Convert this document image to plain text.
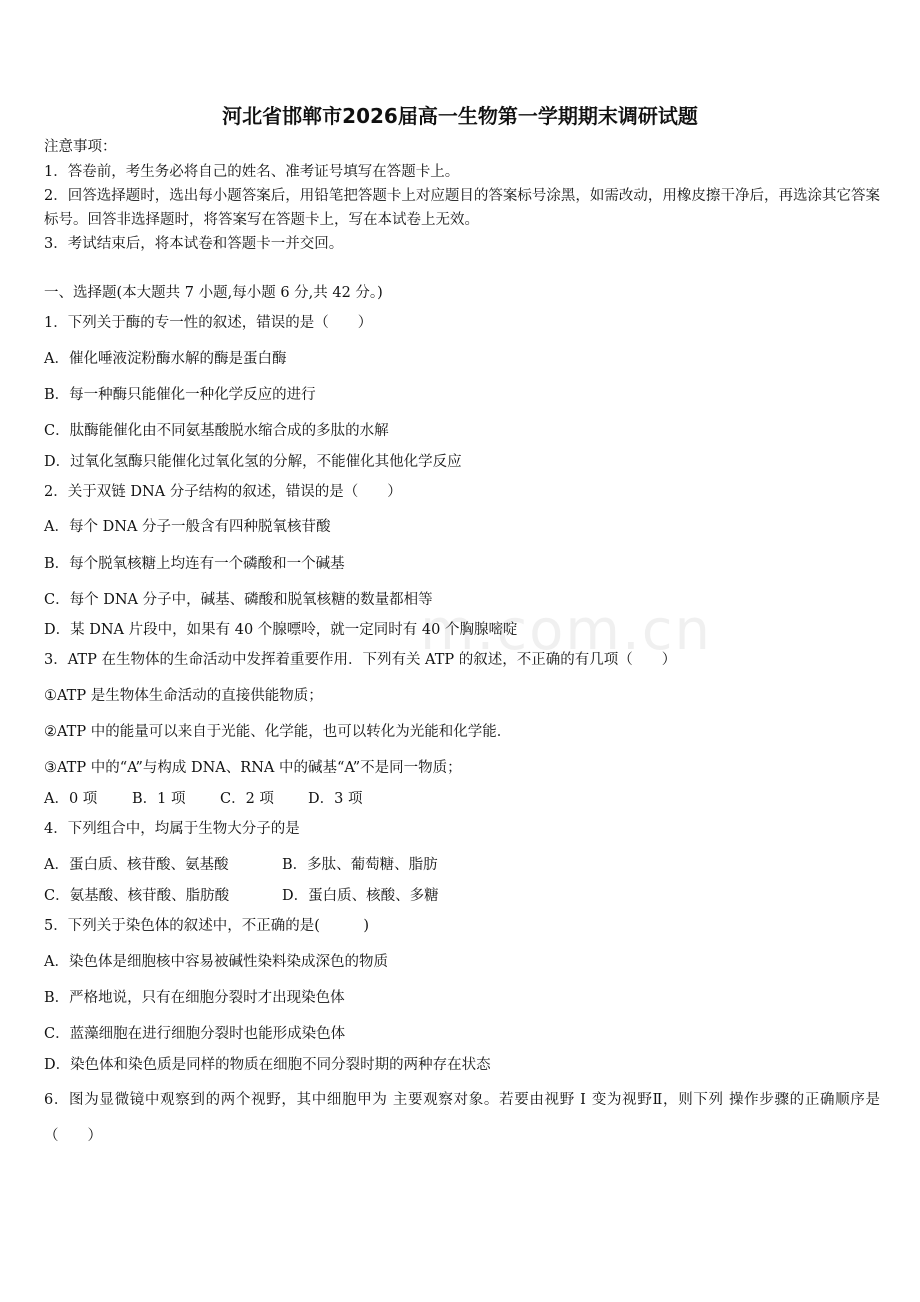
河北省邯郸市2026届高一生物第一学期期末调研试题
注意事项：
1．答卷前，考生务必将自己的姓名、准考证号填写在答题卡上。
2．回答选择题时，选出每小题答案后，用铅笔把答题卡上对应题目的答案标号涂黑，如需改动，用橡皮擦干净后，再选涂其它答案标号。回答非选择题时，将答案写在答题卡上，写在本试卷上无效。
3．考试结束后，将本试卷和答题卡一并交回。
一、选择题(本大题共 7 小题,每小题 6 分,共 42 分。)
1．下列关于酶的专一性的叙述，错误的是（　　）
A．催化唾液淀粉酶水解的酶是蛋白酶
B．每一种酶只能催化一种化学反应的进行
C．肽酶能催化由不同氨基酸脱水缩合成的多肽的水解
D．过氧化氢酶只能催化过氧化氢的分解，不能催化其他化学反应
2．关于双链 DNA 分子结构的叙述，错误的是（　　）
A．每个 DNA 分子一般含有四种脱氧核苷酸
B．每个脱氧核糖上均连有一个磷酸和一个碱基
C．每个 DNA 分子中，碱基、磷酸和脱氧核糖的数量都相等
D．某 DNA 片段中，如果有 40 个腺嘌呤，就一定同时有 40 个胸腺嘧啶
3．ATP 在生物体的生命活动中发挥着重要作用．下列有关 ATP 的叙述，不正确的有几项（　　）
①ATP 是生物体生命活动的直接供能物质；
②ATP 中的能量可以来自于光能、化学能，也可以转化为光能和化学能．
③ATP 中的“A”与构成 DNA、RNA 中的碱基“A”不是同一物质；
A．0 项 B．1 项 C．2 项 D．3 项
4．下列组合中，均属于生物大分子的是
A．蛋白质、核苷酸、氨基酸	B．多肽、葡萄糖、脂肪
C．氨基酸、核苷酸、脂肪酸	D．蛋白质、核酸、多糖
5．下列关于染色体的叙述中，不正确的是(　　　)
A．染色体是细胞核中容易被碱性染料染成深色的物质
B．严格地说，只有在细胞分裂时才出现染色体
C．蓝藻细胞在进行细胞分裂时也能形成染色体
D．染色体和染色质是同样的物质在细胞不同分裂时期的两种存在状态
6．图为显微镜中观察到的两个视野，其中细胞甲为 主要观察对象。若要由视野 Ⅰ 变为视野Ⅱ，则下列 操作步骤的正确顺序是（　　）
m.com.cn
